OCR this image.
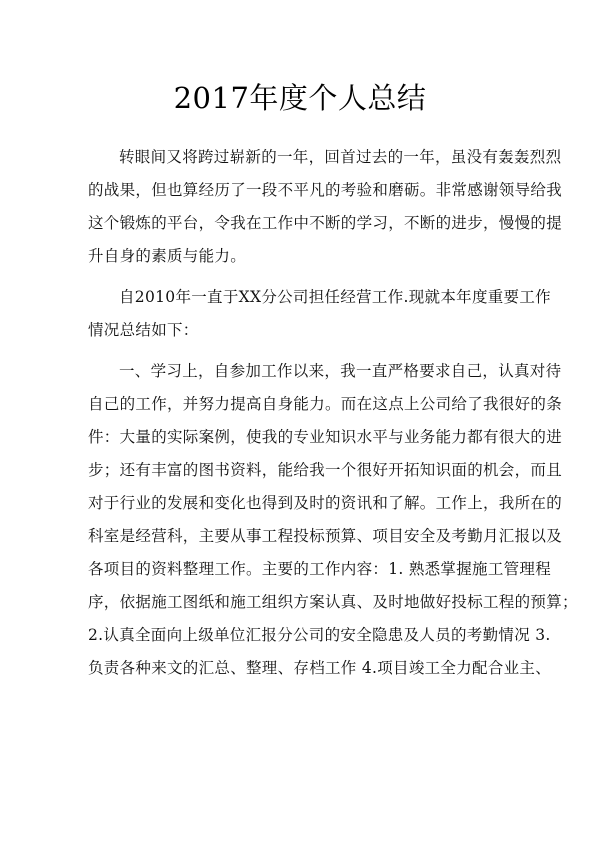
2017年度个人总结
转眼间又将跨过崭新的一年，回首过去的一年，虽没有轰轰烈烈
的战果，但也算经历了一段不平凡的考验和磨砺。非常感谢领导给我
这个锻炼的平台，令我在工作中不断的学习，不断的进步，慢慢的提
升自身的素质与能力。
自2010年一直于XX分公司担任经营工作.现就本年度重要工作
情况总结如下：
一、学习上，自参加工作以来，我一直严格要求自己，认真对待
自己的工作，并努力提高自身能力。而在这点上公司给了我很好的条
件：大量的实际案例，使我的专业知识水平与业务能力都有很大的进
步；还有丰富的图书资料，能给我一个很好开拓知识面的机会，而且
对于行业的发展和变化也得到及时的资讯和了解。工作上，我所在的
科室是经营科，主要从事工程投标预算、项目安全及考勤月汇报以及
各项目的资料整理工作。主要的工作内容：1. 熟悉掌握施工管理程
序，依据施工图纸和施工组织方案认真、及时地做好投标工程的预算；
2.认真全面向上级单位汇报分公司的安全隐患及人员的考勤情况 3.
负责各种来文的汇总、整理、存档工作 4.项目竣工全力配合业主、
